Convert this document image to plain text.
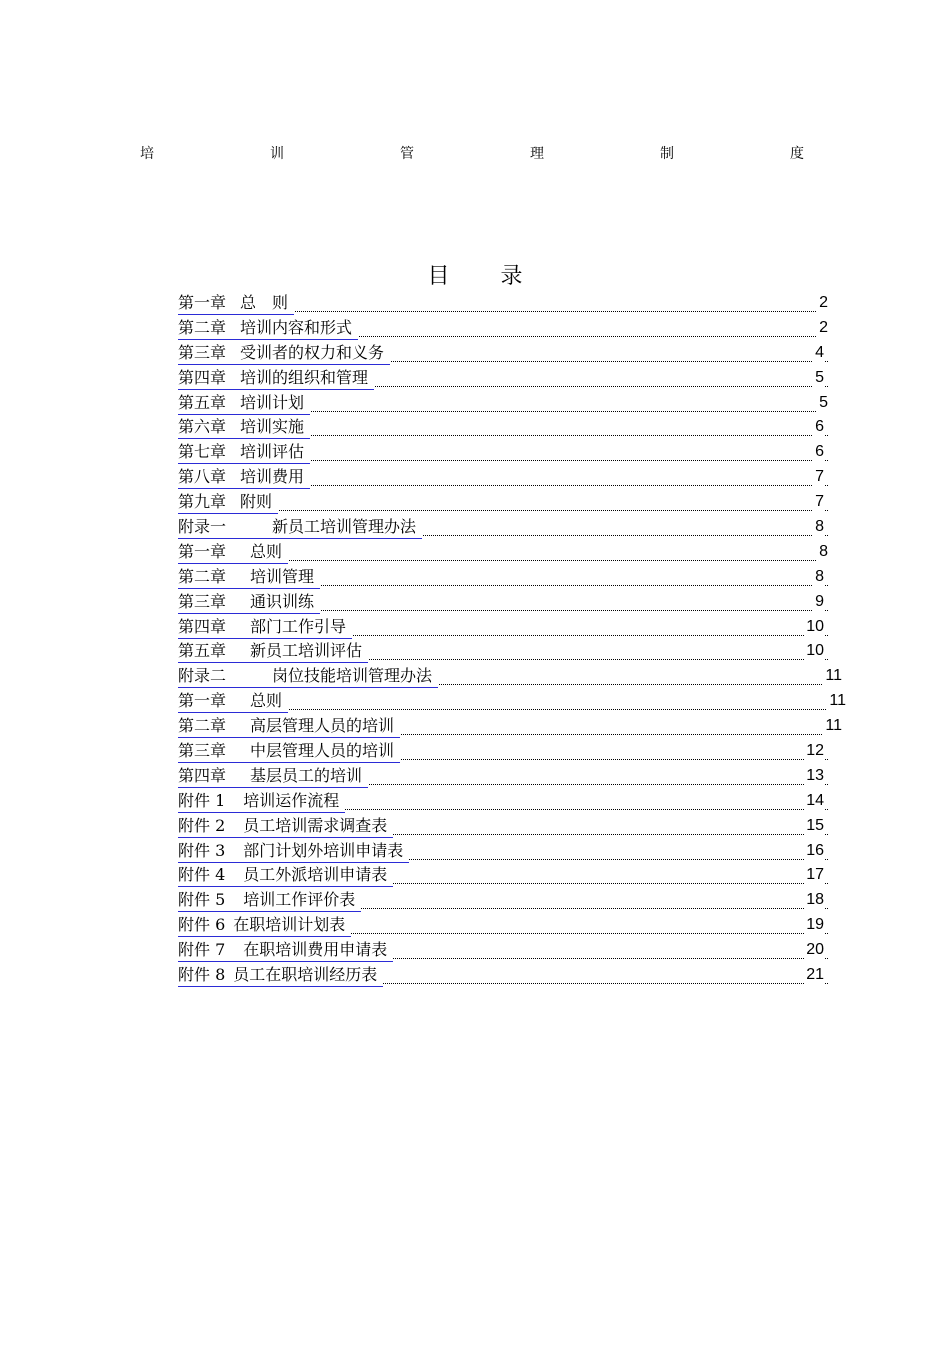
培	训	管	理	制	度
目 录
第一章 总　则	2
第二章 培训内容和形式	2
第三章 受训者的权力和义务	4
第四章 培训的组织和管理	5
第五章 培训计划	5
第六章 培训实施	6
第七章 培训评估	6
第八章 培训费用	7
第九章 附则	7
附录一	新员工培训管理办法	8
第一章 总则	8
第二章 培训管理	8
第三章 通识训练	9
第四章 部门工作引导	10
第五章 新员工培训评估	10
附录二	岗位技能培训管理办法	11
第一章 总则	11
第二章 高层管理人员的培训	11
第三章 中层管理人员的培训	12
第四章 基层员工的培训	13
附件 1 培训运作流程	14
附件 2 员工培训需求调查表	15
附件 3 部门计划外培训申请表	16
附件 4 员工外派培训申请表	17
附件 5 培训工作评价表	18
附件 6 在职培训计划表	19
附件 7 在职培训费用申请表	20
附件 8 员工在职培训经历表	21
